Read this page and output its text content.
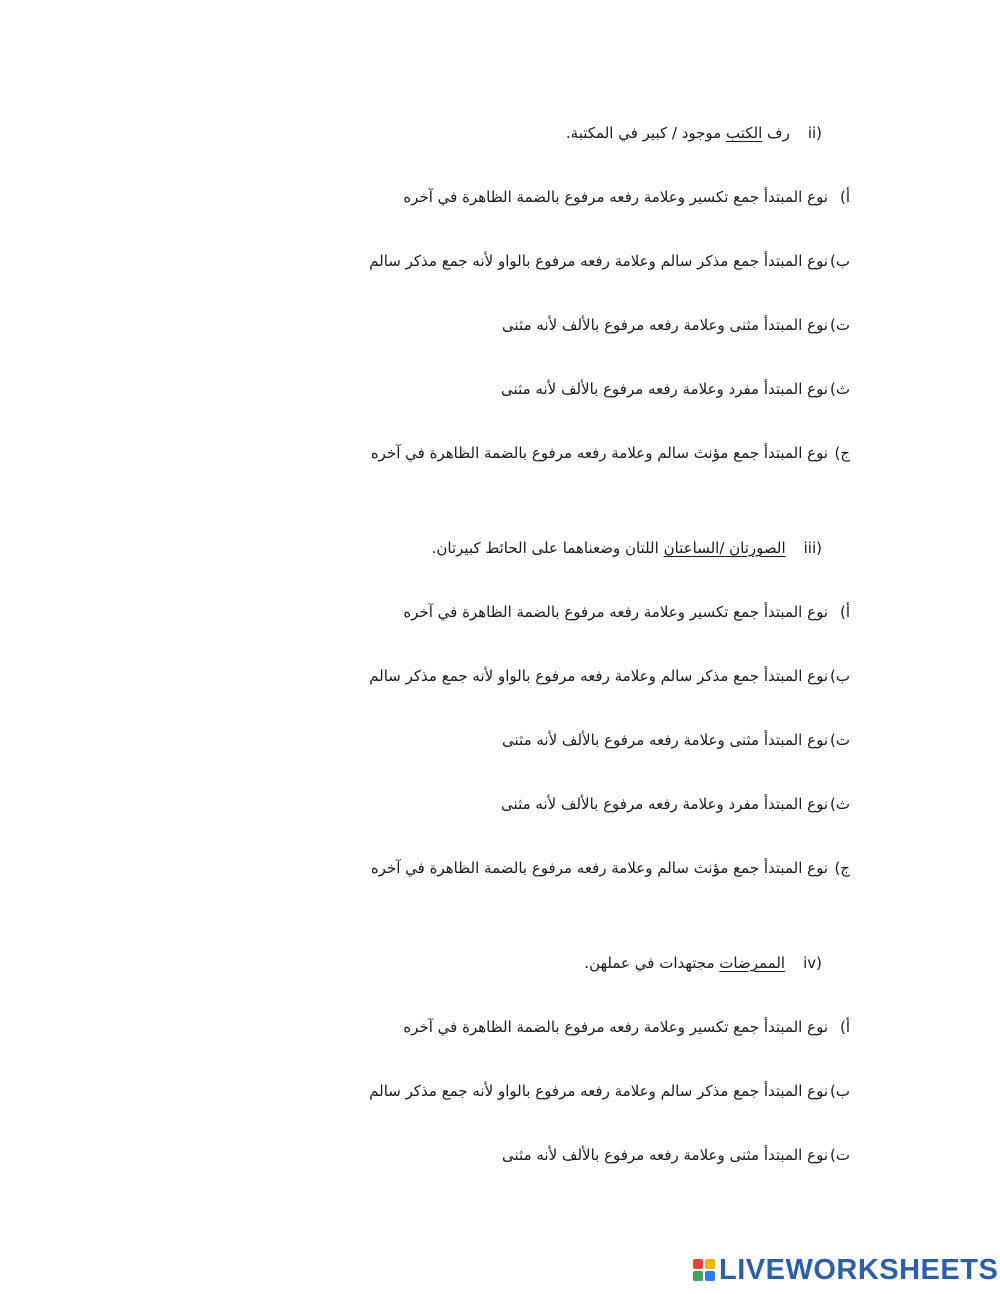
ii)رف الكتب موجود / كبير في المكتبة.

أ)نوع المبتدأ جمع تكسير وعلامة رفعه مرفوع بالضمة الظاهرة في آخره

ب)نوع المبتدأ جمع مذكر سالم وعلامة رفعه مرفوع بالواو لأنه جمع مذكر سالم

ت)نوع المبتدأ مثنى وعلامة رفعه مرفوع بالألف لأنه مثنى

ث)نوع المبتدأ مفرد وعلامة رفعه مرفوع بالألف لأنه مثنى

ج)نوع المبتدأ جمع مؤنث سالم وعلامة رفعه مرفوع بالضمة الظاهرة في آخره

iii)الصورتان /الساعتان اللتان وضعناهما على الحائط كبيرتان.

أ)نوع المبتدأ جمع تكسير وعلامة رفعه مرفوع بالضمة الظاهرة في آخره

ب)نوع المبتدأ جمع مذكر سالم وعلامة رفعه مرفوع بالواو لأنه جمع مذكر سالم

ت)نوع المبتدأ مثنى وعلامة رفعه مرفوع بالألف لأنه مثنى

ث)نوع المبتدأ مفرد وعلامة رفعه مرفوع بالألف لأنه مثنى

ج)نوع المبتدأ جمع مؤنث سالم وعلامة رفعه مرفوع بالضمة الظاهرة في آخره

iv)الممرضات مجتهدات في عملهن.

أ)نوع المبتدأ جمع تكسير وعلامة رفعه مرفوع بالضمة الظاهرة في آخره

ب)نوع المبتدأ جمع مذكر سالم وعلامة رفعه مرفوع بالواو لأنه جمع مذكر سالم

ت)نوع المبتدأ مثنى وعلامة رفعه مرفوع بالألف لأنه مثنى

LIVEWORKSHEETS
